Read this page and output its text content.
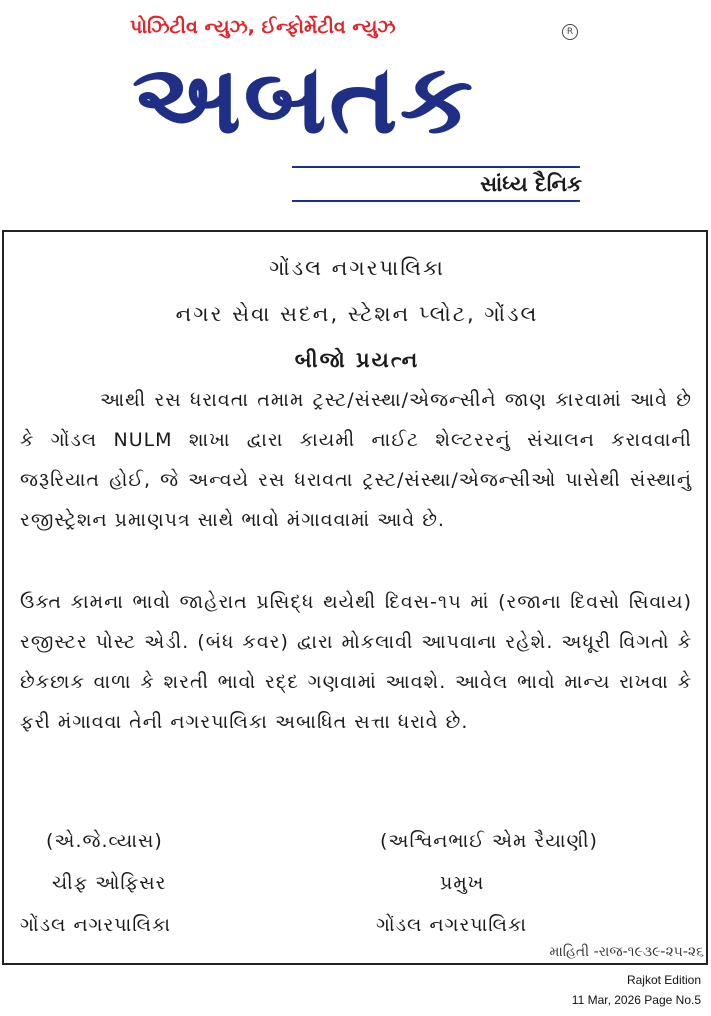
પોઝિટીવ ન્યુઝ, ઈન્ફોર્મેટીવ ન્યુઝ	R
અબતક
સાંધ્ય દૈનિક
ગોંડલ નગરપાલિકા
નગર સેવા સદન, સ્ટેશન પ્લોટ, ગોંડલ
બીજો પ્રયત્ન
આથી રસ ધરાવતા તમામ ટ્રસ્ટ/સંસ્થા/એજન્સીને જાણ કારવામાં આવે છે કે ગોંડલ NULM શાખા દ્વારા કાયમી નાઈટ શેલ્ટરરનું સંચાલન કરાવવાની જરૂરિયાત હોઈ, જે અન્વયે રસ ધરાવતા ટ્રસ્ટ/સંસ્થા/એજન્સીઓ પાસેથી સંસ્થાનું રજીસ્ટ્રેશન પ્રમાણપત્ર સાથે ભાવો મંગાવવામાં આવે છે.
ઉક્ત કામના ભાવો જાહેરાત પ્રસિદ્ધ થયેથી દિવસ-૧૫ માં (રજાના દિવસો સિવાય) રજીસ્ટર પોસ્ટ એડી. (બંધ કવર) દ્વારા મોકલાવી આપવાના રહેશે. અધૂરી વિગતો કે છેકછાક વાળા કે શરતી ભાવો રદ્દ ગણવામાં આવશે. આવેલ ભાવો માન્ય રાખવા કે ફરી મંગાવવા તેની નગરપાલિકા અબાધિત સત્તા ધરાવે છે.
(એ.જે.વ્યાસ)
ચીફ ઓફિસર
ગોંડલ નગરપાલિકા
(અશ્વિનભાઈ એમ રૈયાણી)
પ્રમુખ
ગોંડલ નગરપાલિકા
માહિતી -રાજ-૧૯૩૯-૨૫-૨૬
Rajkot Edition
11 Mar, 2026 Page No.5
